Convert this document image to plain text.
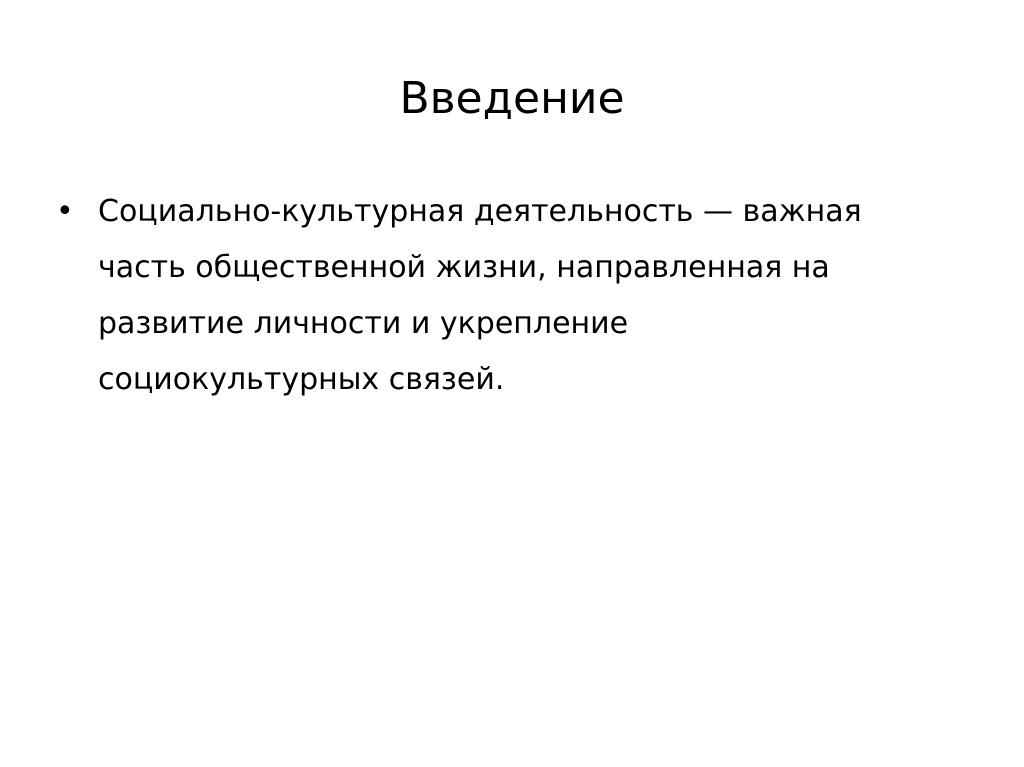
Введение
• Социально-культурная деятельность — важная часть общественной жизни, направленная на развитие личности и укрепление социокультурных связей.
